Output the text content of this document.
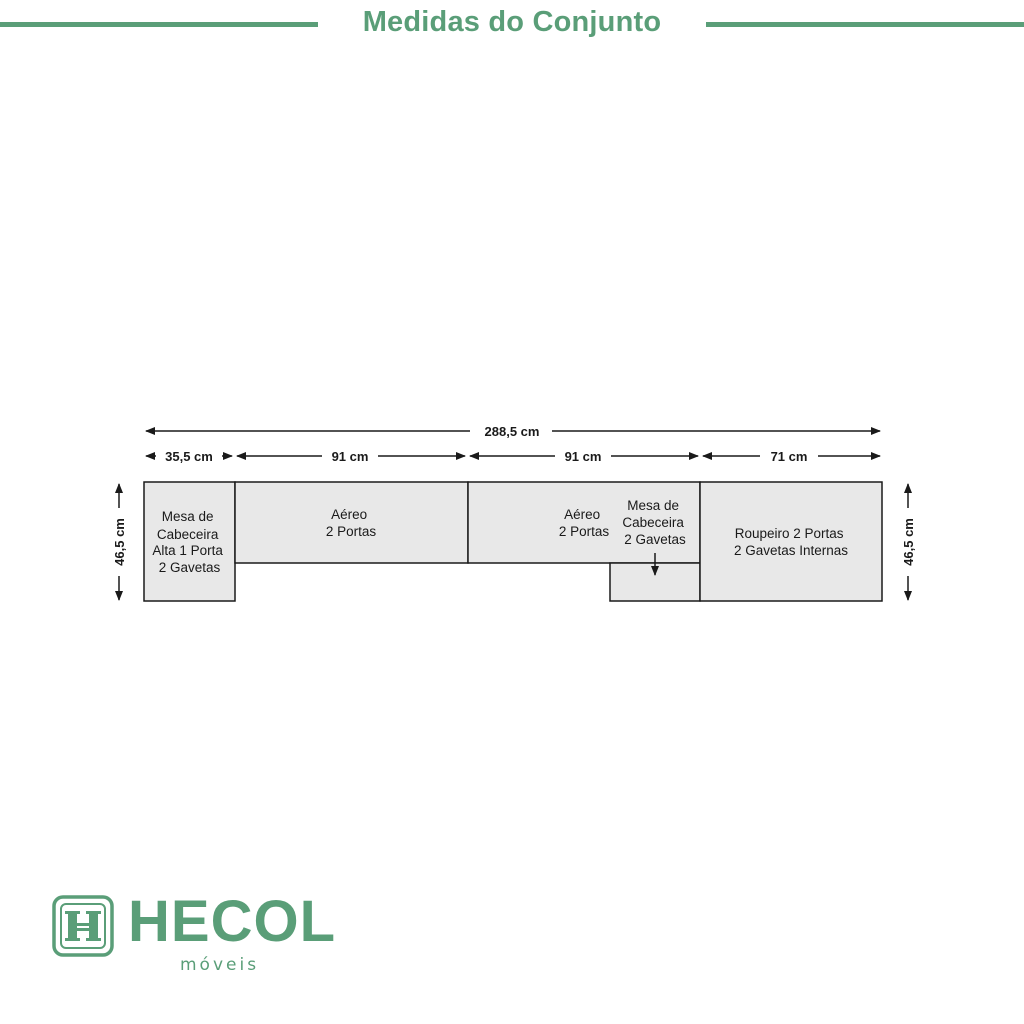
Medidas do Conjunto
288,5 cm
35,5 cm	91 cm	91 cm	71 cm
46,5 cm	46,5 cm
Mesa de Cabeceira Alta 1 Porta 2 Gavetas
Aéreo 2 Portas
Aéreo 2 Portas
Mesa de Cabeceira 2 Gavetas	Roupeiro 2 Portas 2 Gavetas Internas
HECOL
móveis
